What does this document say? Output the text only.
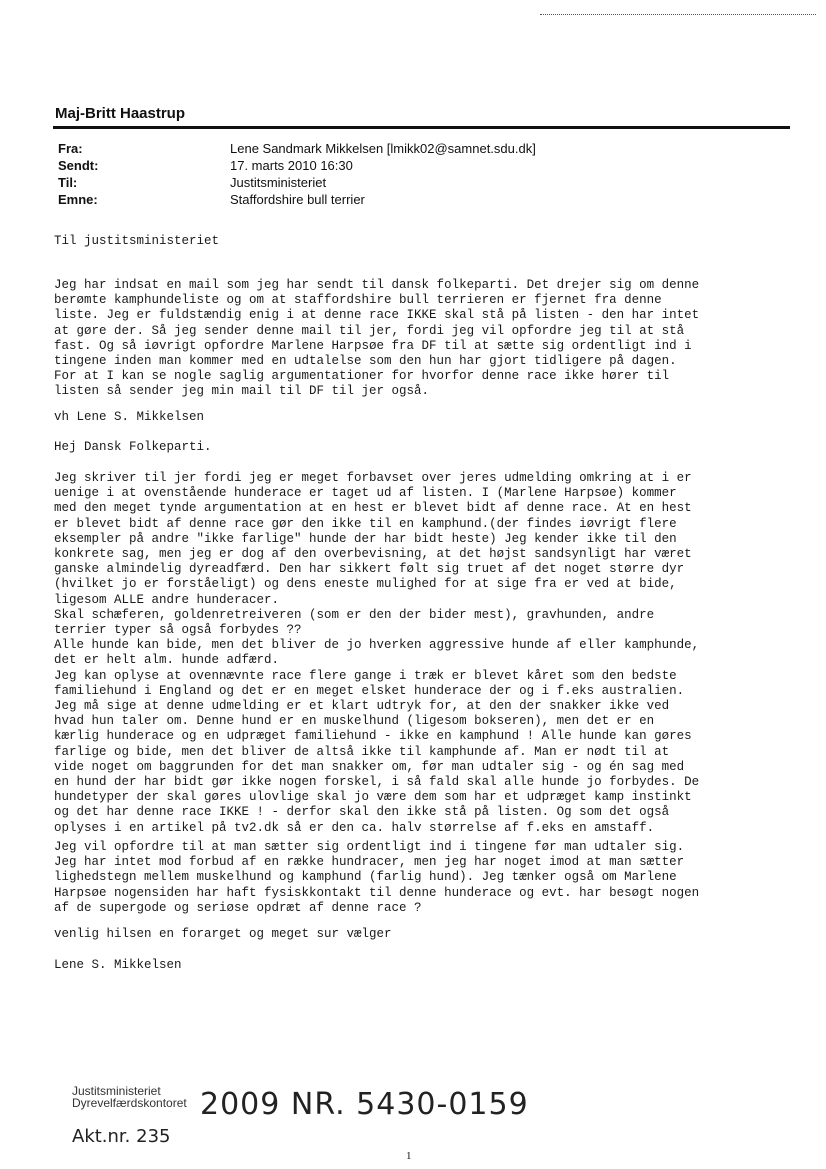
Maj-Britt Haastrup
Fra:	Lene Sandmark Mikkelsen [lmikk02@samnet.sdu.dk]
Sendt:	17. marts 2010 16:30
Til:	Justitsministeriet
Emne:	Staffordshire bull terrier
Til justitsministeriet
Jeg har indsat en mail som jeg har sendt til dansk folkeparti. Det drejer sig om denne
berømte kamphundeliste og om at staffordshire bull terrieren er fjernet fra denne
liste. Jeg er fuldstændig enig i at denne race IKKE skal stå på listen - den har intet
at gøre der. Så jeg sender denne mail til jer, fordi jeg vil opfordre jeg til at stå
fast. Og så iøvrigt opfordre Marlene Harpsøe fra DF til at sætte sig ordentligt ind i
tingene inden man kommer med en udtalelse som den hun har gjort tidligere på dagen.
For at I kan se nogle saglig argumentationer for hvorfor denne race ikke hører til
listen så sender jeg min mail til DF til jer også.
vh Lene S. Mikkelsen
Hej Dansk Folkeparti.
Jeg skriver til jer fordi jeg er meget forbavset over jeres udmelding omkring at i er
uenige i at ovenstående hunderace er taget ud af listen. I (Marlene Harpsøe) kommer
med den meget tynde argumentation at en hest er blevet bidt af denne race. At en hest
er blevet bidt af denne race gør den ikke til en kamphund.(der findes iøvrigt flere
eksempler på andre "ikke farlige" hunde der har bidt heste) Jeg kender ikke til den
konkrete sag, men jeg er dog af den overbevisning, at det højst sandsynligt har været
ganske almindelig dyreadfærd. Den har sikkert følt sig truet af det noget større dyr
(hvilket jo er forståeligt) og dens eneste mulighed for at sige fra er ved at bide,
ligesom ALLE andre hunderacer.
Skal schæferen, goldenretreiveren (som er den der bider mest), gravhunden, andre
terrier typer så også forbydes ??
Alle hunde kan bide, men det bliver de jo hverken aggressive hunde af eller kamphunde,
det er helt alm. hunde adfærd.
Jeg kan oplyse at ovennævnte race flere gange i træk er blevet kåret som den bedste
familiehund i England og det er en meget elsket hunderace der og i f.eks australien.
Jeg må sige at denne udmelding er et klart udtryk for, at den der snakker ikke ved
hvad hun taler om. Denne hund er en muskelhund (ligesom bokseren), men det er en
kærlig hunderace og en udpræget familiehund - ikke en kamphund ! Alle hunde kan gøres
farlige og bide, men det bliver de altså ikke til kamphunde af. Man er nødt til at
vide noget om baggrunden for det man snakker om, før man udtaler sig - og én sag med
en hund der har bidt gør ikke nogen forskel, i så fald skal alle hunde jo forbydes. De
hundetyper der skal gøres ulovlige skal jo være dem som har et udpræget kamp instinkt
og det har denne race IKKE ! - derfor skal den ikke stå på listen. Og som det også
oplyses i en artikel på tv2.dk så er den ca. halv størrelse af f.eks en amstaff.
Jeg vil opfordre til at man sætter sig ordentligt ind i tingene før man udtaler sig.
Jeg har intet mod forbud af en række hundracer, men jeg har noget imod at man sætter
lighedstegn mellem muskelhund og kamphund (farlig hund). Jeg tænker også om Marlene
Harpsøe nogensiden har haft fysiskkontakt til denne hunderace og evt. har besøgt nogen
af de supergode og seriøse opdræt af denne race ?
venlig hilsen en forarget og meget sur vælger
Lene S. Mikkelsen
Justitsministeriet
Dyrevelfærdskontoret 2009 NR. 5430-0159
Akt.nr. 235
1
